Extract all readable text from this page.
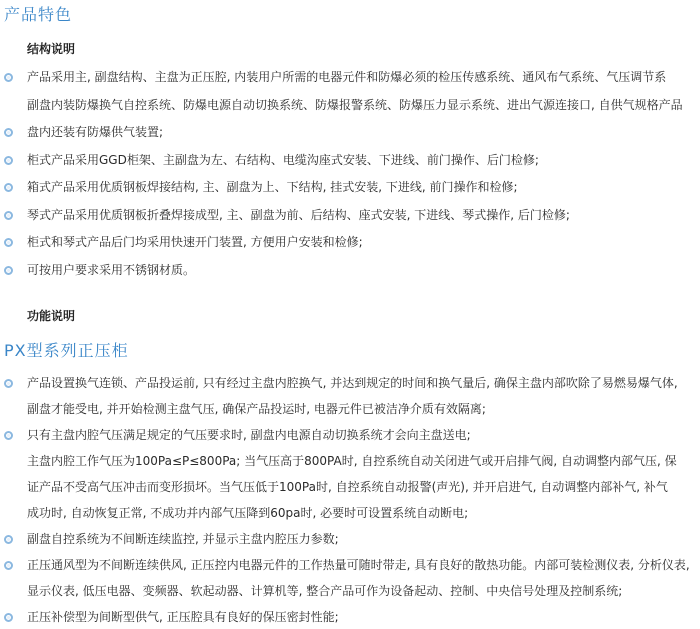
产品特色
结构说明
产品采用主, 副盘结构、主盘为正压腔, 内装用户所需的电器元件和防爆必须的检压传感系统、通风布气系统、气压调节系
副盘内装防爆换气自控系统、防爆电源自动切换系统、防爆报警系统、防爆压力显示系统、进出气源连接口, 自供气规格产品
盘内还装有防爆供气装置;
柜式产品采用GGD柜架、主副盘为左、右结构、电缆沟座式安装、下进线、前门操作、后门检修;
箱式产品采用优质钢板焊接结构, 主、副盘为上、下结构, 挂式安装, 下进线, 前门操作和检修;
琴式产品采用优质钢板折叠焊接成型, 主、副盘为前、后结构、座式安装, 下进线、琴式操作, 后门检修;
柜式和琴式产品后门均采用快速开门装置, 方便用户安装和检修;
可按用户要求采用不锈钢材质。
功能说明
PX型系列正压柜
产品设置换气连锁、产品投运前, 只有经过主盘内腔换气, 并达到规定的时间和换气量后, 确保主盘内部吹除了易燃易爆气体,
副盘才能受电, 并开始检测主盘气压, 确保产品投运时, 电器元件已被洁净介质有效隔离;
只有主盘内腔气压满足规定的气压要求时, 副盘内电源自动切换系统才会向主盘送电;
主盘内腔工作气压为100Pa≤P≤800Pa; 当气压高于800PA时, 自控系统自动关闭进气或开启排气阀, 自动调整内部气压, 保
证产品不受高气压冲击而变形损坏。当气压低于100Pa时, 自控系统自动报警(声光), 并开启进气, 自动调整内部补气, 补气
成功时, 自动恢复正常, 不成功并内部气压降到60pa时, 必要时可设置系统自动断电;
副盘自控系统为不间断连续监控, 并显示主盘内腔压力参数;
正压通风型为不间断连续供风, 正压控内电器元件的工作热量可随时带走, 具有良好的散热功能。内部可装检测仪表, 分析仪表,
显示仪表, 低压电器、变频器、软起动器、计算机等, 整合产品可作为设备起动、控制、中央信号处理及控制系统;
正压补偿型为间断型供气, 正压腔具有良好的保压密封性能;
